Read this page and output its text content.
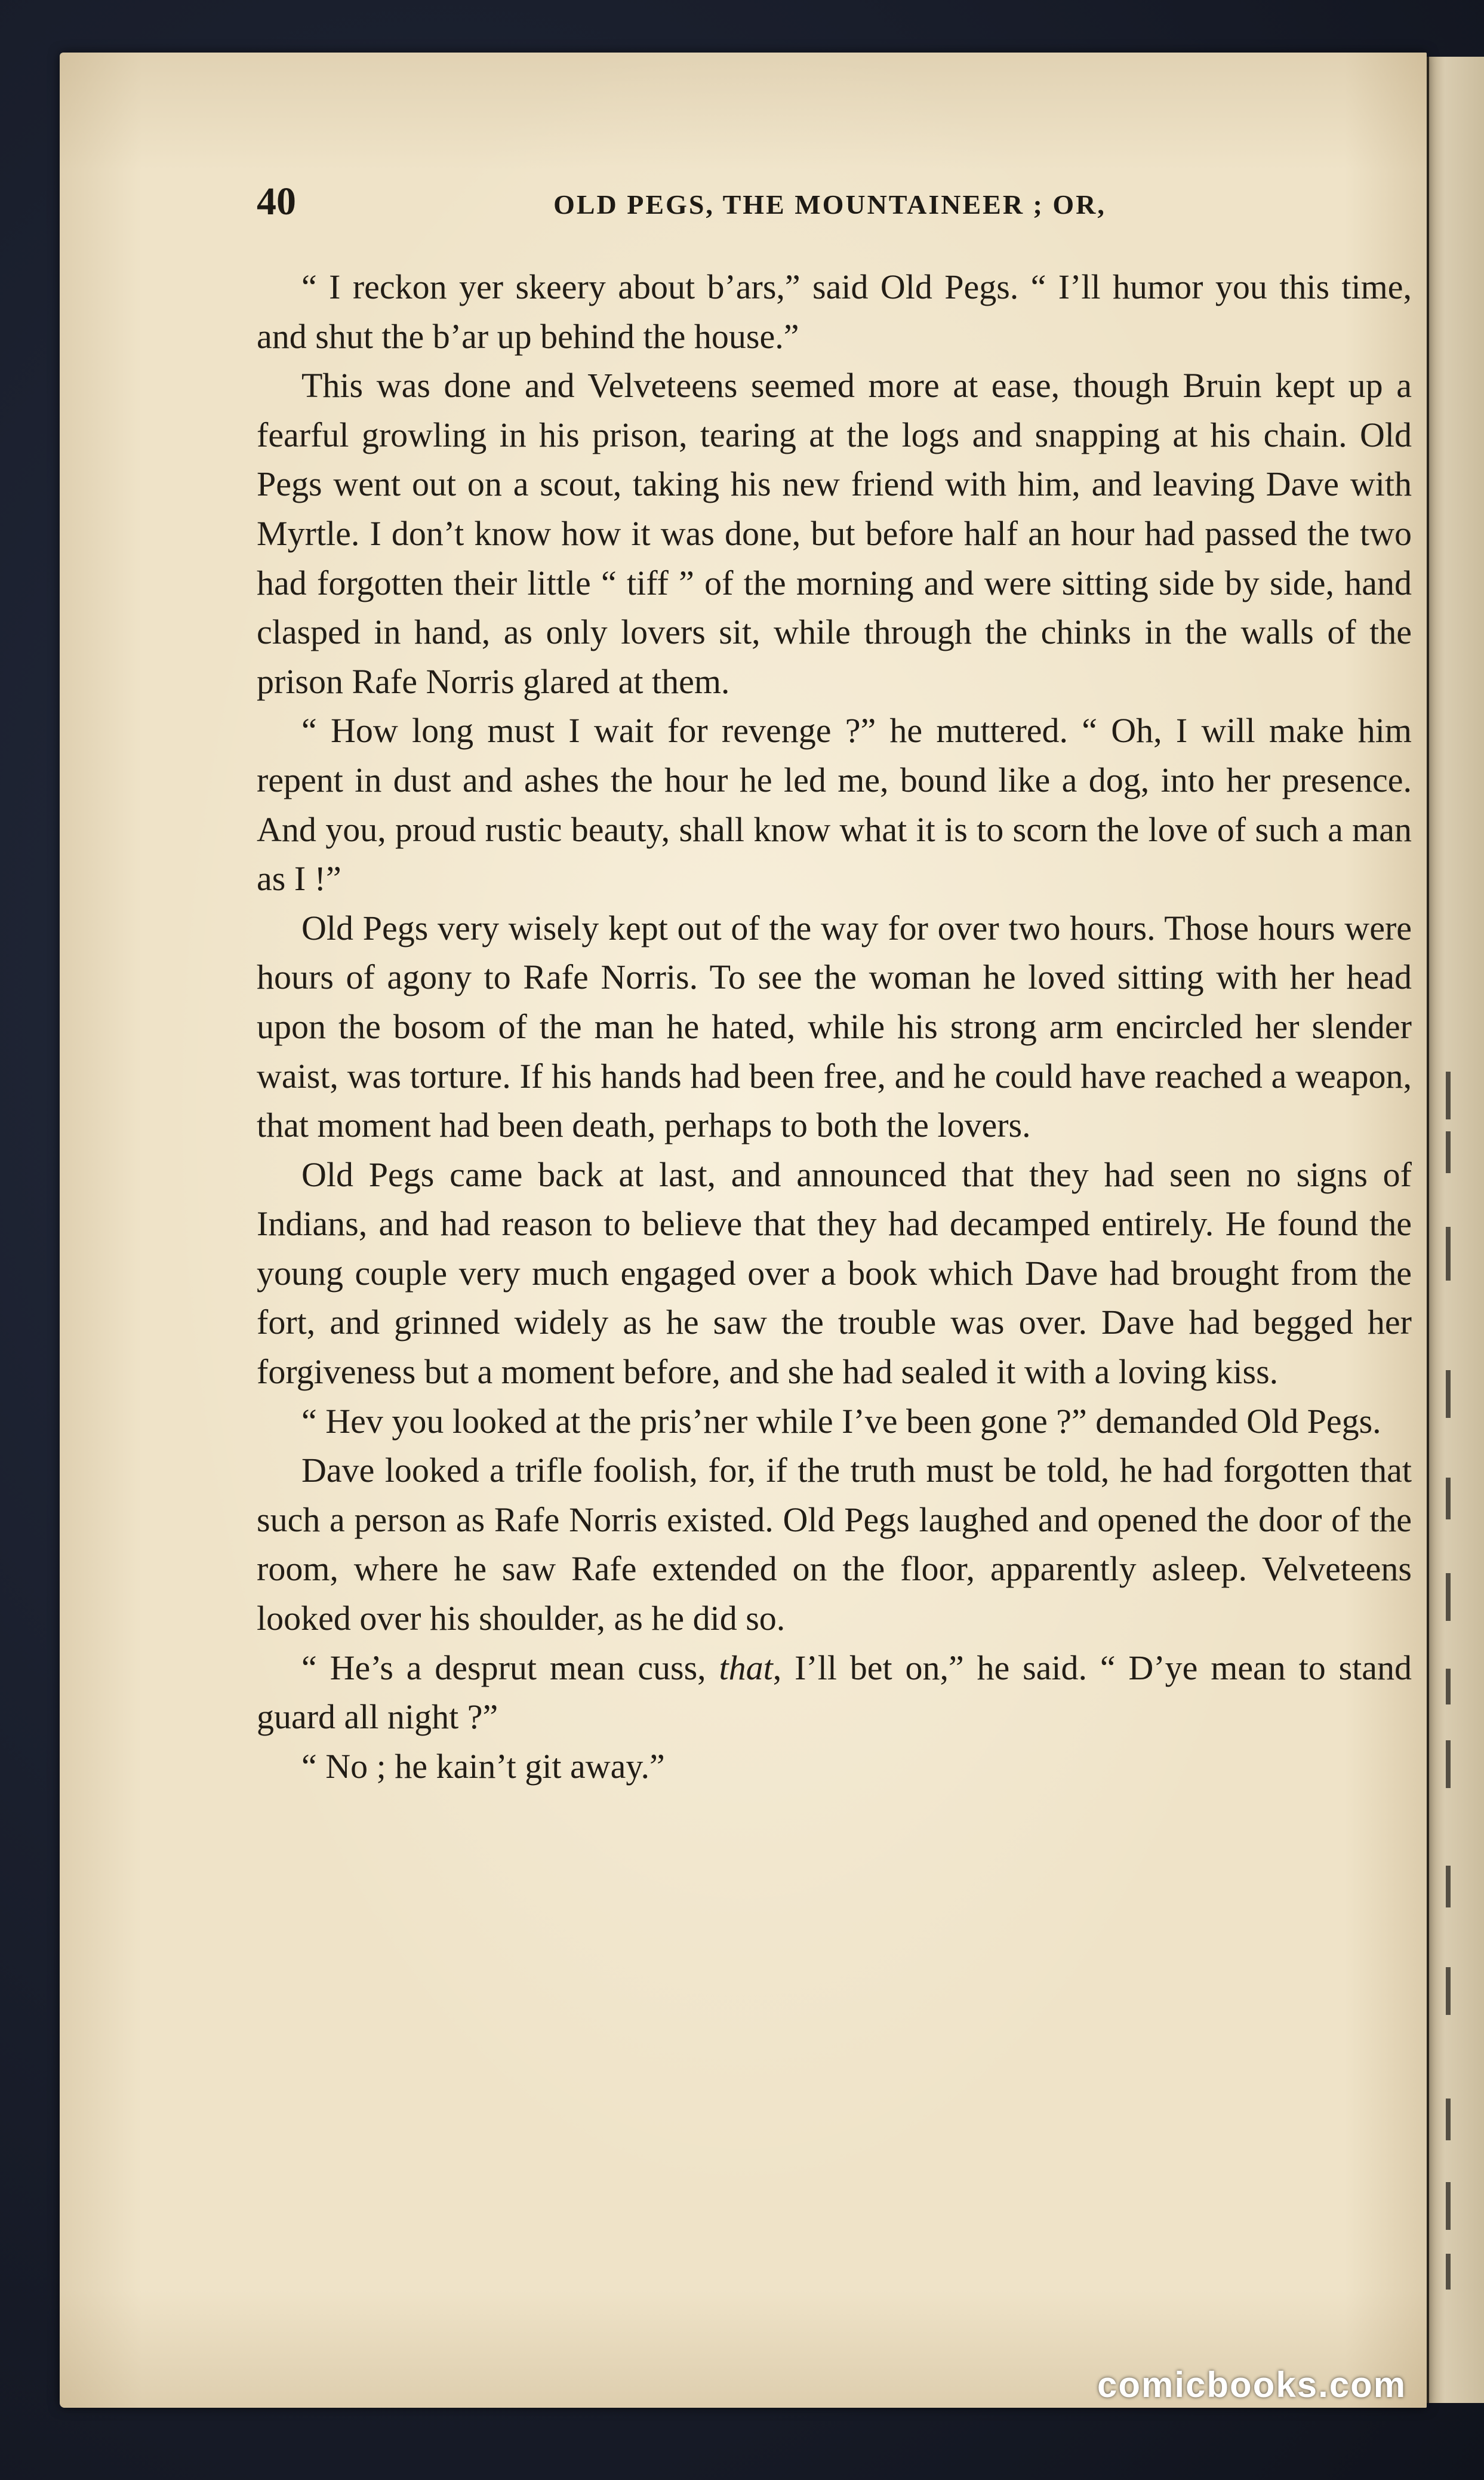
40	OLD PEGS, THE MOUNTAINEER ; OR,

“ I reckon yer skeery about b’ars,” said Old Pegs. “ I’ll humor you this time, and shut the b’ar up behind the house.”

This was done and Velveteens seemed more at ease, though Bruin kept up a fearful growling in his prison, tearing at the logs and snapping at his chain. Old Pegs went out on a scout, taking his new friend with him, and leaving Dave with Myrtle. I don’t know how it was done, but before half an hour had passed the two had forgotten their little “ tiff ” of the morning and were sitting side by side, hand clasped in hand, as only lovers sit, while through the chinks in the walls of the prison Rafe Norris glared at them.

“ How long must I wait for revenge ?” he muttered. “ Oh, I will make him repent in dust and ashes the hour he led me, bound like a dog, into her presence. And you, proud rustic beauty, shall know what it is to scorn the love of such a man as I !”

Old Pegs very wisely kept out of the way for over two hours. Those hours were hours of agony to Rafe Norris. To see the woman he loved sitting with her head upon the bosom of the man he hated, while his strong arm encircled her slender waist, was torture. If his hands had been free, and he could have reached a weapon, that moment had been death, perhaps to both the lovers.

Old Pegs came back at last, and announced that they had seen no signs of Indians, and had reason to believe that they had decamped entirely. He found the young couple very much engaged over a book which Dave had brought from the fort, and grinned widely as he saw the trouble was over. Dave had begged her forgiveness but a moment before, and she had sealed it with a loving kiss.

“ Hev you looked at the pris’ner while I’ve been gone ?” demanded Old Pegs.

Dave looked a trifle foolish, for, if the truth must be told, he had forgotten that such a person as Rafe Norris existed. Old Pegs laughed and opened the door of the room, where he saw Rafe extended on the floor, apparently asleep. Velveteens looked over his shoulder, as he did so.

“ He’s a desprut mean cuss, that, I’ll bet on,” he said. “ D’ye mean to stand guard all night ?”

“ No ; he kain’t git away.”

comicbooks.com
